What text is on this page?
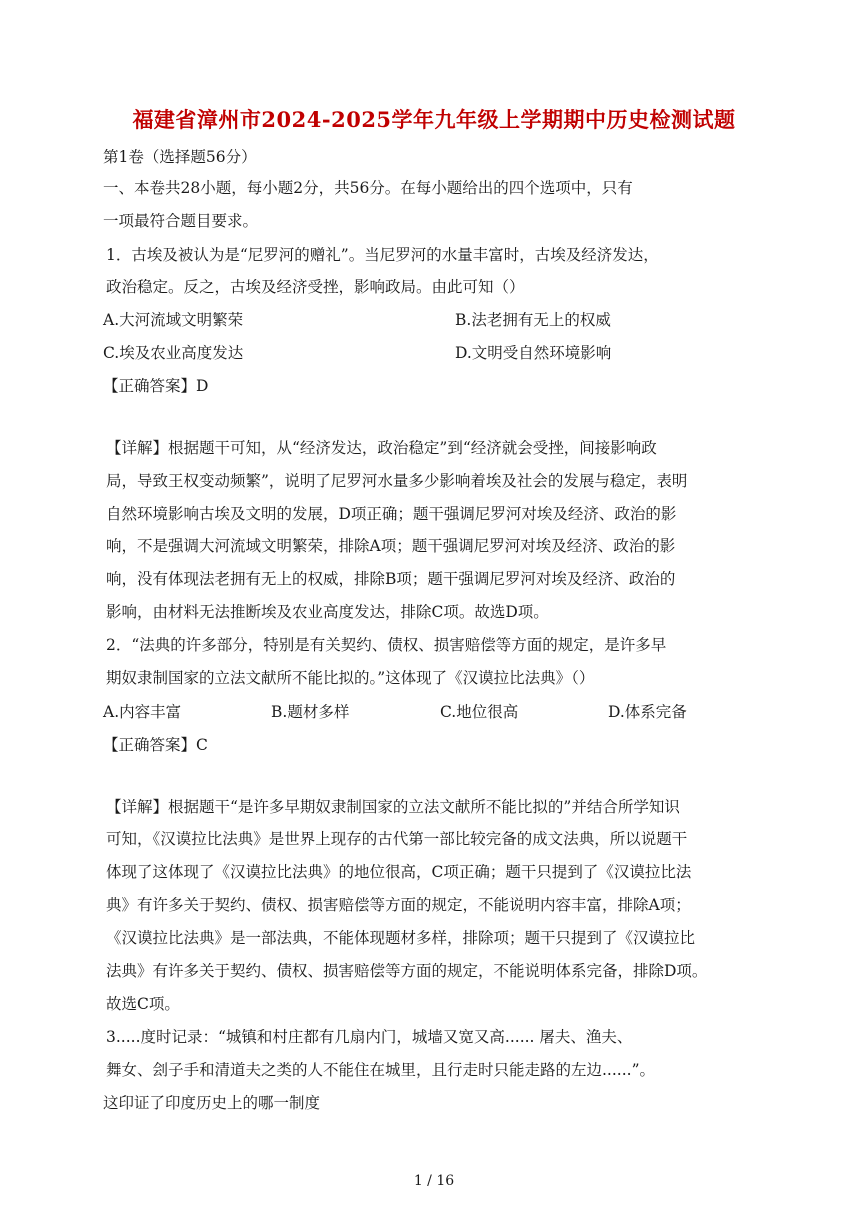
福建省漳州市2024-2025学年九年级上学期期中历史检测试题
第1卷（选择题56分）
一、本卷共28小题，每小题2分，共56分。在每小题给出的四个选项中，只有
一项最符合题目要求。
1．古埃及被认为是“尼罗河的赠礼”。当尼罗河的水量丰富时，古埃及经济发达，
政治稳定。反之，古埃及经济受挫，影响政局。由此可知（）
A.大河流域文明繁荣	B.法老拥有无上的权威
C.埃及农业高度发达	D.文明受自然环境影响
【正确答案】D
【详解】根据题干可知，从“经济发达，政治稳定”到“经济就会受挫，间接影响政
局，导致王权变动频繁”，说明了尼罗河水量多少影响着埃及社会的发展与稳定，表明
自然环境影响古埃及文明的发展，D项正确；题干强调尼罗河对埃及经济、政治的影
响，不是强调大河流域文明繁荣，排除A项；题干强调尼罗河对埃及经济、政治的影
响，没有体现法老拥有无上的权威，排除B项；题干强调尼罗河对埃及经济、政治的
影响，由材料无法推断埃及农业高度发达，排除C项。故选D项。
2．“法典的许多部分，特别是有关契约、债权、损害赔偿等方面的规定，是许多早
期奴隶制国家的立法文献所不能比拟的。”这体现了《汉谟拉比法典》（）
A.内容丰富	B.题材多样	C.地位很高	D.体系完备
【正确答案】C
【详解】根据题干“是许多早期奴隶制国家的立法文献所不能比拟的”并结合所学知识
可知，《汉谟拉比法典》是世界上现存的古代第一部比较完备的成文法典，所以说题干
体现了这体现了《汉谟拉比法典》的地位很高，C项正确；题干只提到了《汉谟拉比法
典》有许多关于契约、债权、损害赔偿等方面的规定，不能说明内容丰富，排除A项；
《汉谟拉比法典》是一部法典，不能体现题材多样，排除项；题干只提到了《汉谟拉比
法典》有许多关于契约、债权、损害赔偿等方面的规定，不能说明体系完备，排除D项。
故选C项。
3.....度时记录：“城镇和村庄都有几扇内门，城墙又宽又高...... 屠夫、渔夫、
舞女、刽子手和清道夫之类的人不能住在城里，且行走时只能走路的左边......”。
这印证了印度历史上的哪一制度
1 / 16
